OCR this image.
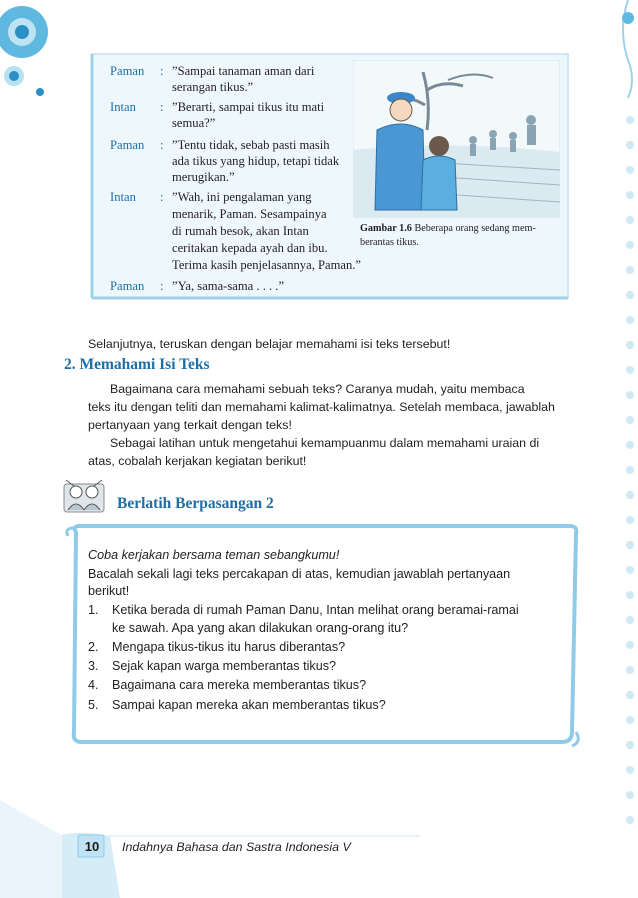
Paman : ”Sampai tanaman aman dari
serangan tikus.”
Intan : ”Berarti, sampai tikus itu mati
semua?”
Paman : ”Tentu tidak, sebab pasti masih
ada tikus yang hidup, tetapi tidak
merugikan.”
Intan : ”Wah, ini pengalaman yang
menarik, Paman. Sesampainya
di rumah besok, akan Intan
ceritakan kepada ayah dan ibu.
Terima kasih penjelasannya, Paman.”
Paman : ”Ya, sama-sama . . . .”
Gambar 1.6 Beberapa orang sedang mem-
berantas tikus.
Selanjutnya, teruskan dengan belajar memahami isi teks tersebut!
2. Memahami Isi Teks
Bagaimana cara memahami sebuah teks? Caranya mudah, yaitu membaca
teks itu dengan teliti dan memahami kalimat-kalimatnya. Setelah membaca, jawablah
pertanyaan yang terkait dengan teks!
Sebagai latihan untuk mengetahui kemampuanmu dalam memahami uraian di
atas, cobalah kerjakan kegiatan berikut!
Berlatih Berpasangan 2
Coba kerjakan bersama teman sebangkumu!
Bacalah sekali lagi teks percakapan di atas, kemudian jawablah pertanyaan
berikut!
1. Ketika berada di rumah Paman Danu, Intan melihat orang beramai-ramai
ke sawah. Apa yang akan dilakukan orang-orang itu?
2. Mengapa tikus-tikus itu harus diberantas?
3. Sejak kapan warga memberantas tikus?
4. Bagaimana cara mereka memberantas tikus?
5. Sampai kapan mereka akan memberantas tikus?
10	Indahnya Bahasa dan Sastra Indonesia V
